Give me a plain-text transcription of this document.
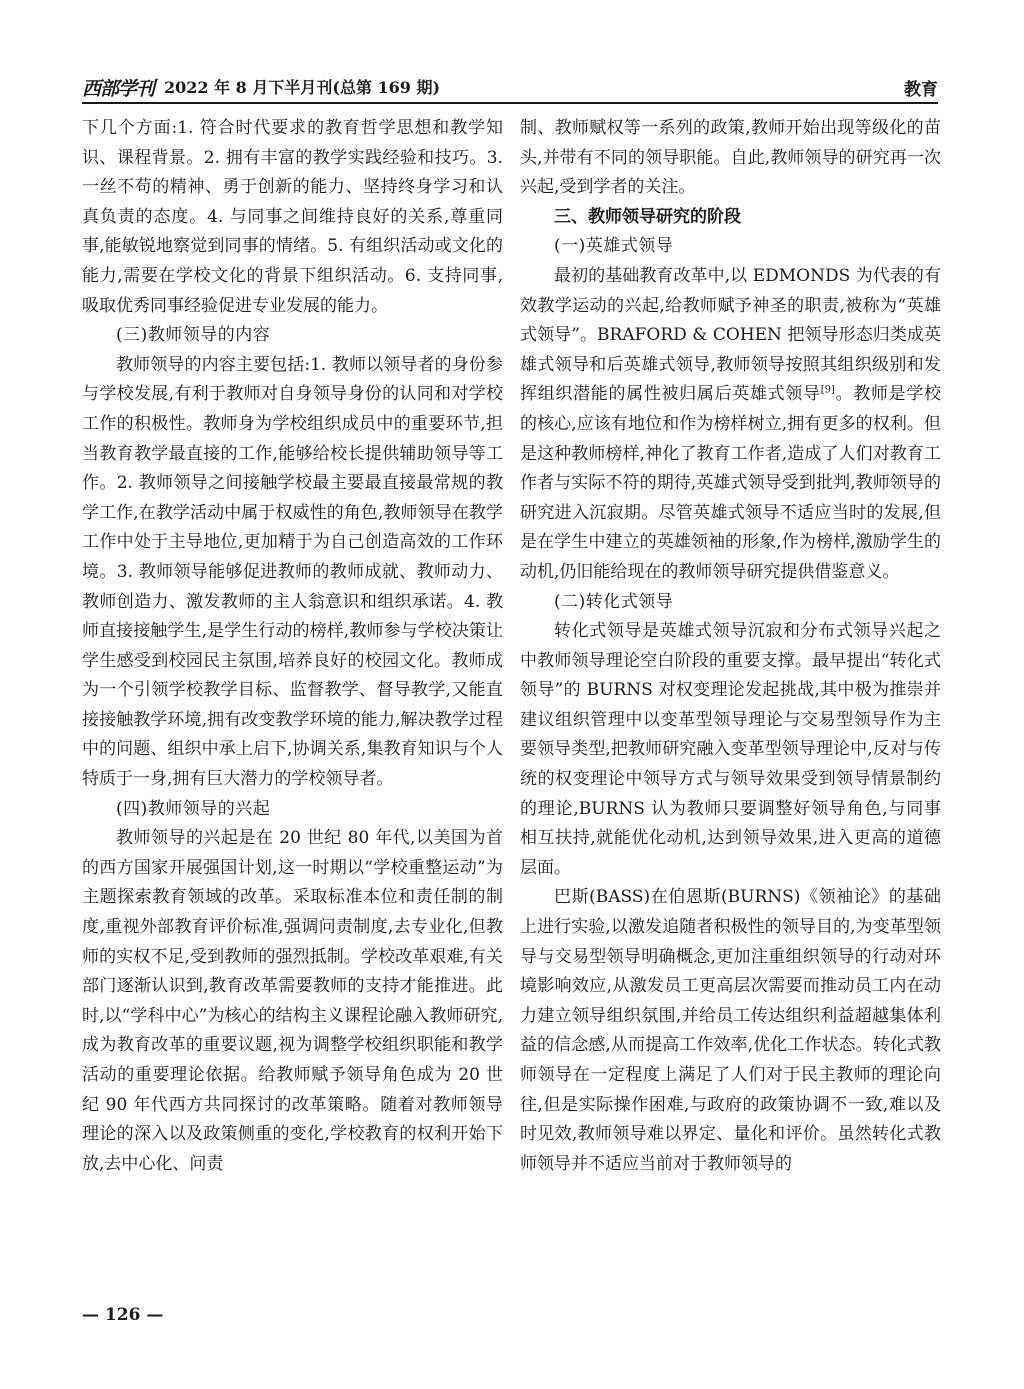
西部学刊 2022 年 8 月下半月刊(总第 169 期)	教育

下几个方面:1. 符合时代要求的教育哲学思想和教学知识、课程背景。2. 拥有丰富的教学实践经验和技巧。3. 一丝不苟的精神、勇于创新的能力、坚持终身学习和认真负责的态度。4. 与同事之间维持良好的关系,尊重同事,能敏锐地察觉到同事的情绪。5. 有组织活动或文化的能力,需要在学校文化的背景下组织活动。6. 支持同事,吸取优秀同事经验促进专业发展的能力。

(三)教师领导的内容

教师领导的内容主要包括:1. 教师以领导者的身份参与学校发展,有利于教师对自身领导身份的认同和对学校工作的积极性。教师身为学校组织成员中的重要环节,担当教育教学最直接的工作,能够给校长提供辅助领导等工作。2. 教师领导之间接触学校最主要最直接最常规的教学工作,在教学活动中属于权威性的角色,教师领导在教学工作中处于主导地位,更加精于为自己创造高效的工作环境。3. 教师领导能够促进教师的教师成就、教师动力、教师创造力、激发教师的主人翁意识和组织承诺。4. 教师直接接触学生,是学生行动的榜样,教师参与学校决策让学生感受到校园民主氛围,培养良好的校园文化。教师成为一个引领学校教学目标、监督教学、督导教学,又能直接接触教学环境,拥有改变教学环境的能力,解决教学过程中的问题、组织中承上启下,协调关系,集教育知识与个人特质于一身,拥有巨大潜力的学校领导者。

(四)教师领导的兴起

教师领导的兴起是在 20 世纪 80 年代,以美国为首的西方国家开展强国计划,这一时期以“学校重整运动”为主题探索教育领域的改革。采取标准本位和责任制的制度,重视外部教育评价标准,强调问责制度,去专业化,但教师的实权不足,受到教师的强烈抵制。学校改革艰难,有关部门逐渐认识到,教育改革需要教师的支持才能推进。此时,以“学科中心”为核心的结构主义课程论融入教师研究,成为教育改革的重要议题,视为调整学校组织职能和教学活动的重要理论依据。给教师赋予领导角色成为 20 世纪 90 年代西方共同探讨的改革策略。随着对教师领导理论的深入以及政策侧重的变化,学校教育的权利开始下放,去中心化、问责

制、教师赋权等一系列的政策,教师开始出现等级化的苗头,并带有不同的领导职能。自此,教师领导的研究再一次兴起,受到学者的关注。

三、教师领导研究的阶段

(一)英雄式领导

最初的基础教育改革中,以 EDMONDS 为代表的有效教学运动的兴起,给教师赋予神圣的职责,被称为“英雄式领导”。BRAFORD & COHEN 把领导形态归类成英雄式领导和后英雄式领导,教师领导按照其组织级别和发挥组织潜能的属性被归属后英雄式领导[9]。教师是学校的核心,应该有地位和作为榜样树立,拥有更多的权利。但是这种教师榜样,神化了教育工作者,造成了人们对教育工作者与实际不符的期待,英雄式领导受到批判,教师领导的研究进入沉寂期。尽管英雄式领导不适应当时的发展,但是在学生中建立的英雄领袖的形象,作为榜样,激励学生的动机,仍旧能给现在的教师领导研究提供借鉴意义。

(二)转化式领导

转化式领导是英雄式领导沉寂和分布式领导兴起之中教师领导理论空白阶段的重要支撑。最早提出“转化式领导”的 BURNS 对权变理论发起挑战,其中极为推崇并建议组织管理中以变革型领导理论与交易型领导作为主要领导类型,把教师研究融入变革型领导理论中,反对与传统的权变理论中领导方式与领导效果受到领导情景制约的理论,BURNS 认为教师只要调整好领导角色,与同事相互扶持,就能优化动机,达到领导效果,进入更高的道德层面。

巴斯(BASS)在伯恩斯(BURNS)《领袖论》的基础上进行实验,以激发追随者积极性的领导目的,为变革型领导与交易型领导明确概念,更加注重组织领导的行动对环境影响效应,从激发员工更高层次需要而推动员工内在动力建立领导组织氛围,并给员工传达组织利益超越集体利益的信念感,从而提高工作效率,优化工作状态。转化式教师领导在一定程度上满足了人们对于民主教师的理论向往,但是实际操作困难,与政府的政策协调不一致,难以及时见效,教师领导难以界定、量化和评价。虽然转化式教师领导并不适应当前对于教师领导的

— 126 —
